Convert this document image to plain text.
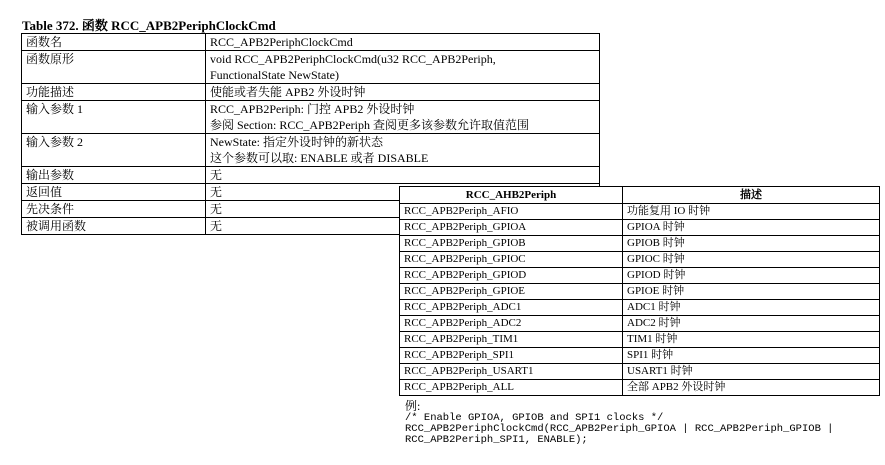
Table 372. 函数 RCC_APB2PeriphClockCmd
函数名	RCC_APB2PeriphClockCmd

函数原形	void RCC_APB2PeriphClockCmd(u32 RCC_APB2Periph,
FunctionalState NewState)

功能描述	使能或者失能 APB2 外设时钟

输入参数 1	RCC_APB2Periph: 门控 APB2 外设时钟
参阅 Section: RCC_APB2Periph 查阅更多该参数允许取值范围

输入参数 2	NewState: 指定外设时钟的新状态
这个参数可以取: ENABLE 或者 DISABLE

输出参数	无

返回值	无

先决条件	无

被调用函数	无
RCC_AHB2Periph	描述
RCC_APB2Periph_AFIO	功能复用 IO 时钟
RCC_APB2Periph_GPIOA	GPIOA 时钟
RCC_APB2Periph_GPIOB	GPIOB 时钟
RCC_APB2Periph_GPIOC	GPIOC 时钟
RCC_APB2Periph_GPIOD	GPIOD 时钟
RCC_APB2Periph_GPIOE	GPIOE 时钟
RCC_APB2Periph_ADC1	ADC1 时钟
RCC_APB2Periph_ADC2	ADC2 时钟
RCC_APB2Periph_TIM1	TIM1 时钟
RCC_APB2Periph_SPI1	SPI1 时钟
RCC_APB2Periph_USART1	USART1 时钟
RCC_APB2Periph_ALL	全部 APB2 外设时钟
例:
/* Enable GPIOA, GPIOB and SPI1 clocks */
RCC_APB2PeriphClockCmd(RCC_APB2Periph_GPIOA | RCC_APB2Periph_GPIOB |
RCC_APB2Periph_SPI1, ENABLE);
